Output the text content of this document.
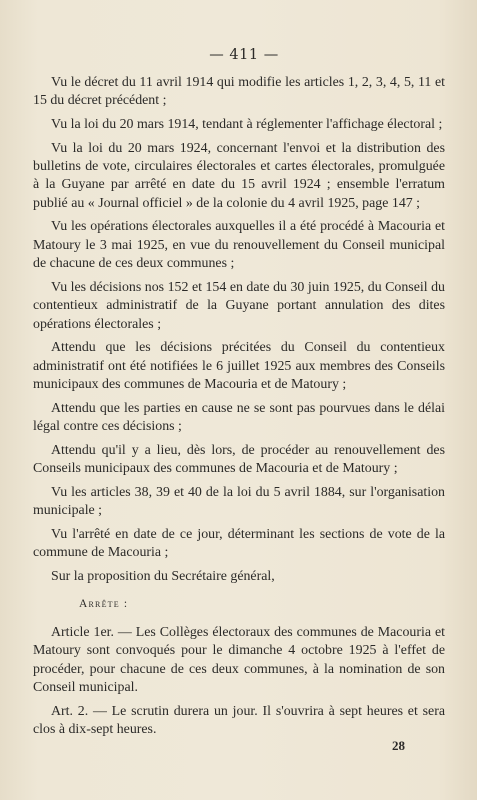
— 411 —

Vu le décret du 11 avril 1914 qui modifie les articles 1, 2, 3, 4, 5, 11 et 15 du décret précédent ;

Vu la loi du 20 mars 1914, tendant à réglementer l'affichage électoral ;

Vu la loi du 20 mars 1924, concernant l'envoi et la distribution des bulletins de vote, circulaires électorales et cartes électorales, promulguée à la Guyane par arrêté en date du 15 avril 1924 ; ensemble l'erratum publié au « Journal officiel » de la colonie du 4 avril 1925, page 147 ;

Vu les opérations électorales auxquelles il a été procédé à Macouria et Matoury le 3 mai 1925, en vue du renouvellement du Conseil municipal de chacune de ces deux communes ;

Vu les décisions nos 152 et 154 en date du 30 juin 1925, du Conseil du contentieux administratif de la Guyane portant annulation des dites opérations électorales ;

Attendu que les décisions précitées du Conseil du contentieux administratif ont été notifiées le 6 juillet 1925 aux membres des Conseils municipaux des communes de Macouria et de Matoury ;

Attendu que les parties en cause ne se sont pas pourvues dans le délai légal contre ces décisions ;

Attendu qu'il y a lieu, dès lors, de procéder au renouvellement des Conseils municipaux des communes de Macouria et de Matoury ;

Vu les articles 38, 39 et 40 de la loi du 5 avril 1884, sur l'organisation municipale ;

Vu l'arrêté en date de ce jour, déterminant les sections de vote de la commune de Macouria ;

Sur la proposition du Secrétaire général,

Arrête :

Article 1er. — Les Collèges électoraux des communes de Macouria et Matoury sont convoqués pour le dimanche 4 octobre 1925 à l'effet de procéder, pour chacune de ces deux communes, à la nomination de son Conseil municipal.

Art. 2. — Le scrutin durera un jour. Il s'ouvrira à sept heures et sera clos à dix-sept heures.

28
